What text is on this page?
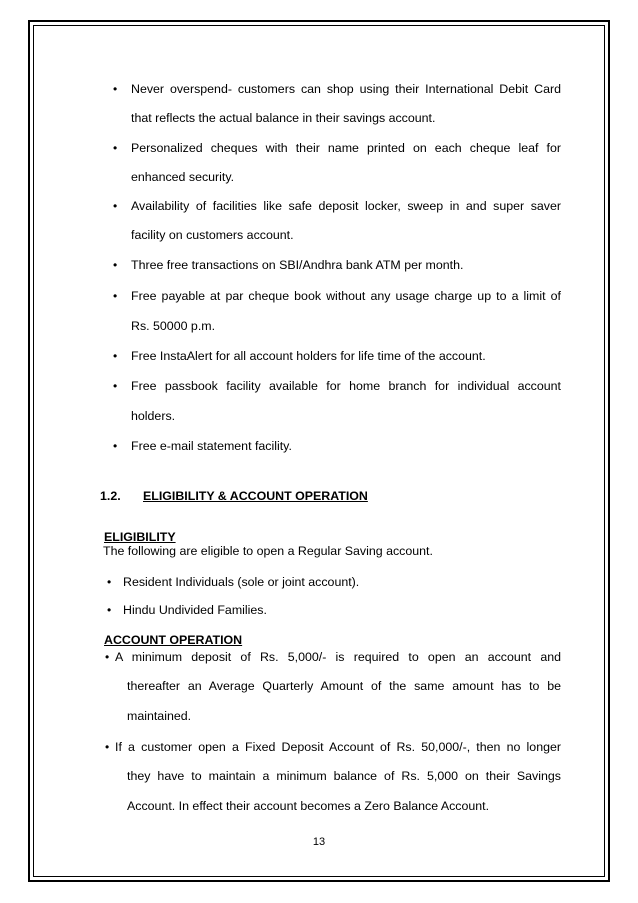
• Never overspend- customers can shop using their International Debit Card
that reflects the actual balance in their savings account.
• Personalized cheques with their name printed on each cheque leaf for
enhanced security.
• Availability of facilities like safe deposit locker, sweep in and super saver
facility on customers account.
• Three free transactions on SBI/Andhra bank ATM per month.
• Free payable at par cheque book without any usage charge up to a limit of
Rs. 50000 p.m.
• Free InstaAlert for all account holders for life time of the account.
• Free passbook facility available for home branch for individual account
holders.
• Free e-mail statement facility.
1.2. ELIGIBILITY & ACCOUNT OPERATION
ELIGIBILITY
The following are eligible to open a Regular Saving account.
• Resident Individuals (sole or joint account).
• Hindu Undivided Families.
ACCOUNT OPERATION
• A minimum deposit of Rs. 5,000/- is required to open an account and
thereafter an Average Quarterly Amount of the same amount has to be
maintained.
• If a customer open a Fixed Deposit Account of Rs. 50,000/-, then no longer
they have to maintain a minimum balance of Rs. 5,000 on their Savings
Account. In effect their account becomes a Zero Balance Account.
13
